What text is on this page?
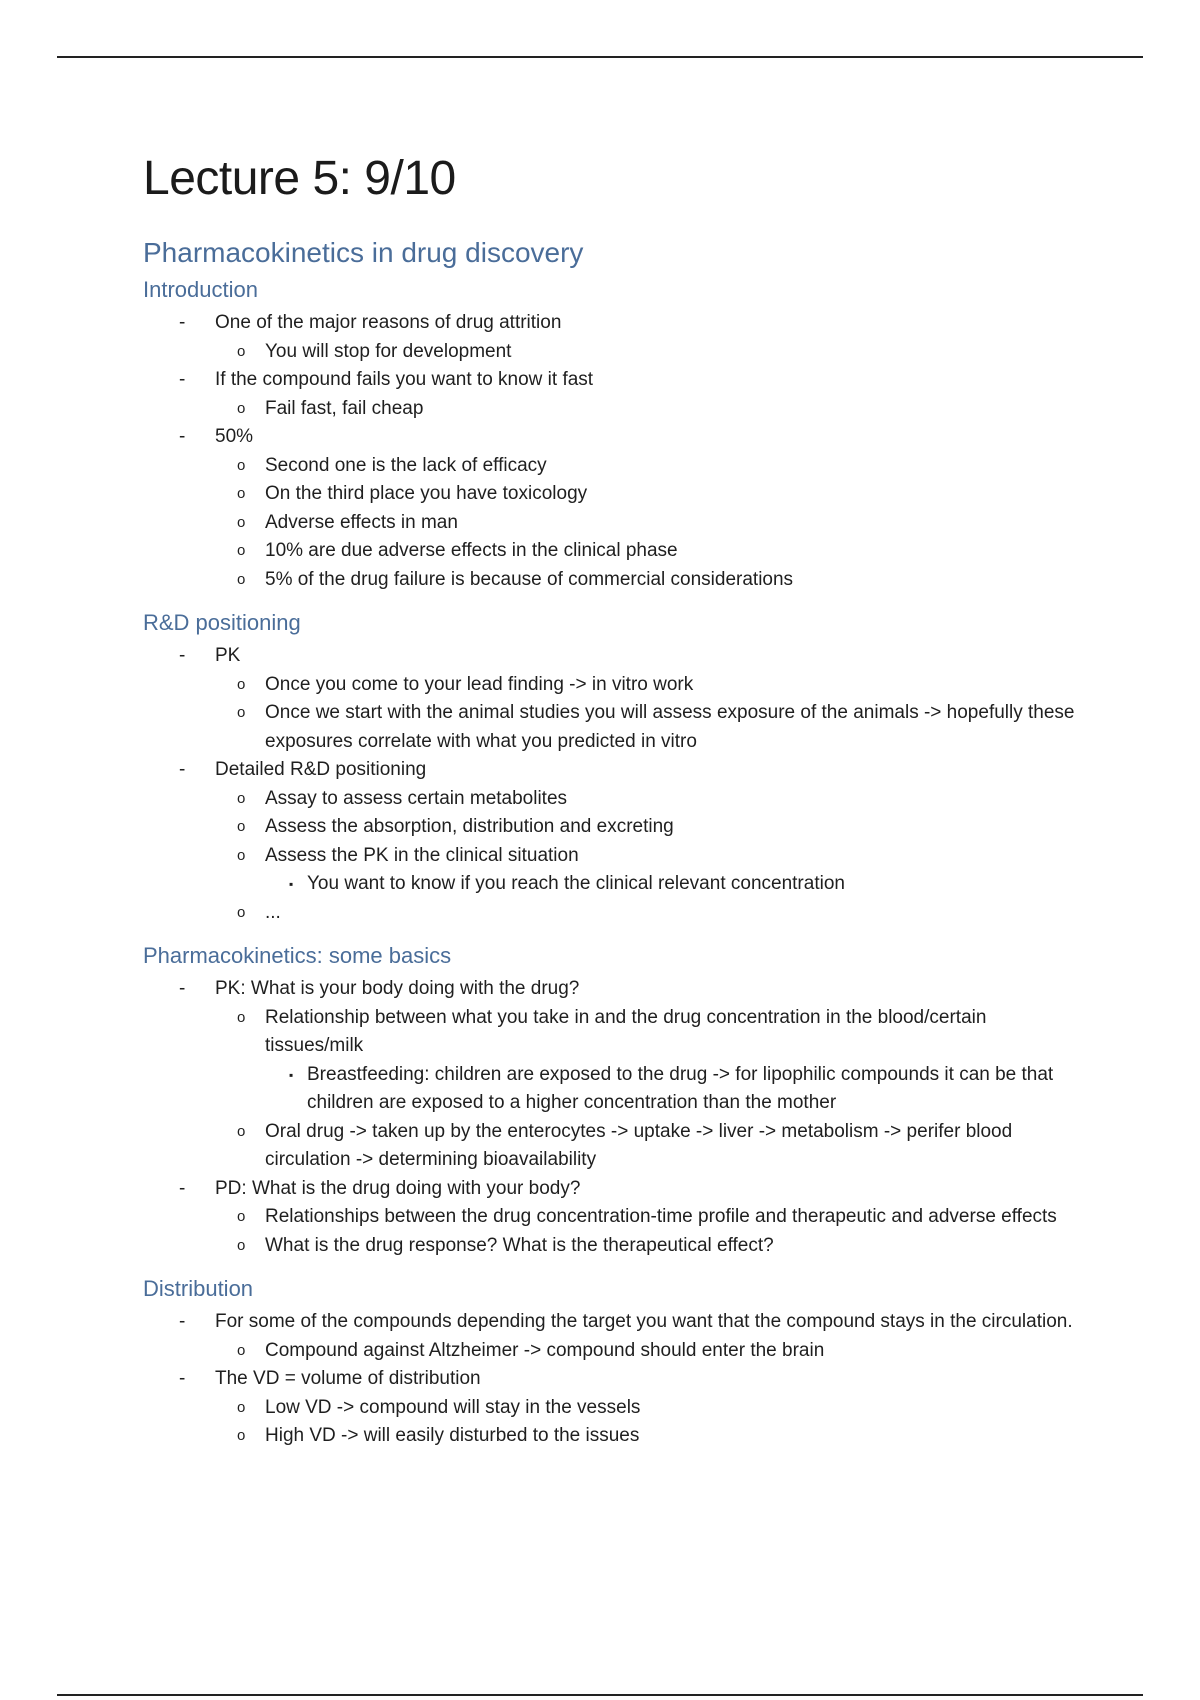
Lecture 5: 9/10
Pharmacokinetics in drug discovery
Introduction
- One of the major reasons of drug attrition
o You will stop for development
- If the compound fails you want to know it fast
o Fail fast, fail cheap
- 50%
o Second one is the lack of efficacy
o On the third place you have toxicology
o Adverse effects in man
o 10% are due adverse effects in the clinical phase
o 5% of the drug failure is because of commercial considerations
R&D positioning
- PK
o Once you come to your lead finding -> in vitro work
o Once we start with the animal studies you will assess exposure of the animals -> hopefully these exposures correlate with what you predicted in vitro
- Detailed R&D positioning
o Assay to assess certain metabolites
o Assess the absorption, distribution and excreting
o Assess the PK in the clinical situation
▪ You want to know if you reach the clinical relevant concentration
o ...
Pharmacokinetics: some basics
- PK: What is your body doing with the drug?
o Relationship between what you take in and the drug concentration in the blood/certain tissues/milk
▪ Breastfeeding: children are exposed to the drug -> for lipophilic compounds it can be that children are exposed to a higher concentration than the mother
o Oral drug -> taken up by the enterocytes -> uptake -> liver -> metabolism -> perifer blood circulation -> determining bioavailability
- PD: What is the drug doing with your body?
o Relationships between the drug concentration-time profile and therapeutic and adverse effects
o What is the drug response? What is the therapeutical effect?
Distribution
- For some of the compounds depending the target you want that the compound stays in the circulation.
o Compound against Altzheimer -> compound should enter the brain
- The VD = volume of distribution
o Low VD -> compound will stay in the vessels
o High VD -> will easily disturbed to the issues
